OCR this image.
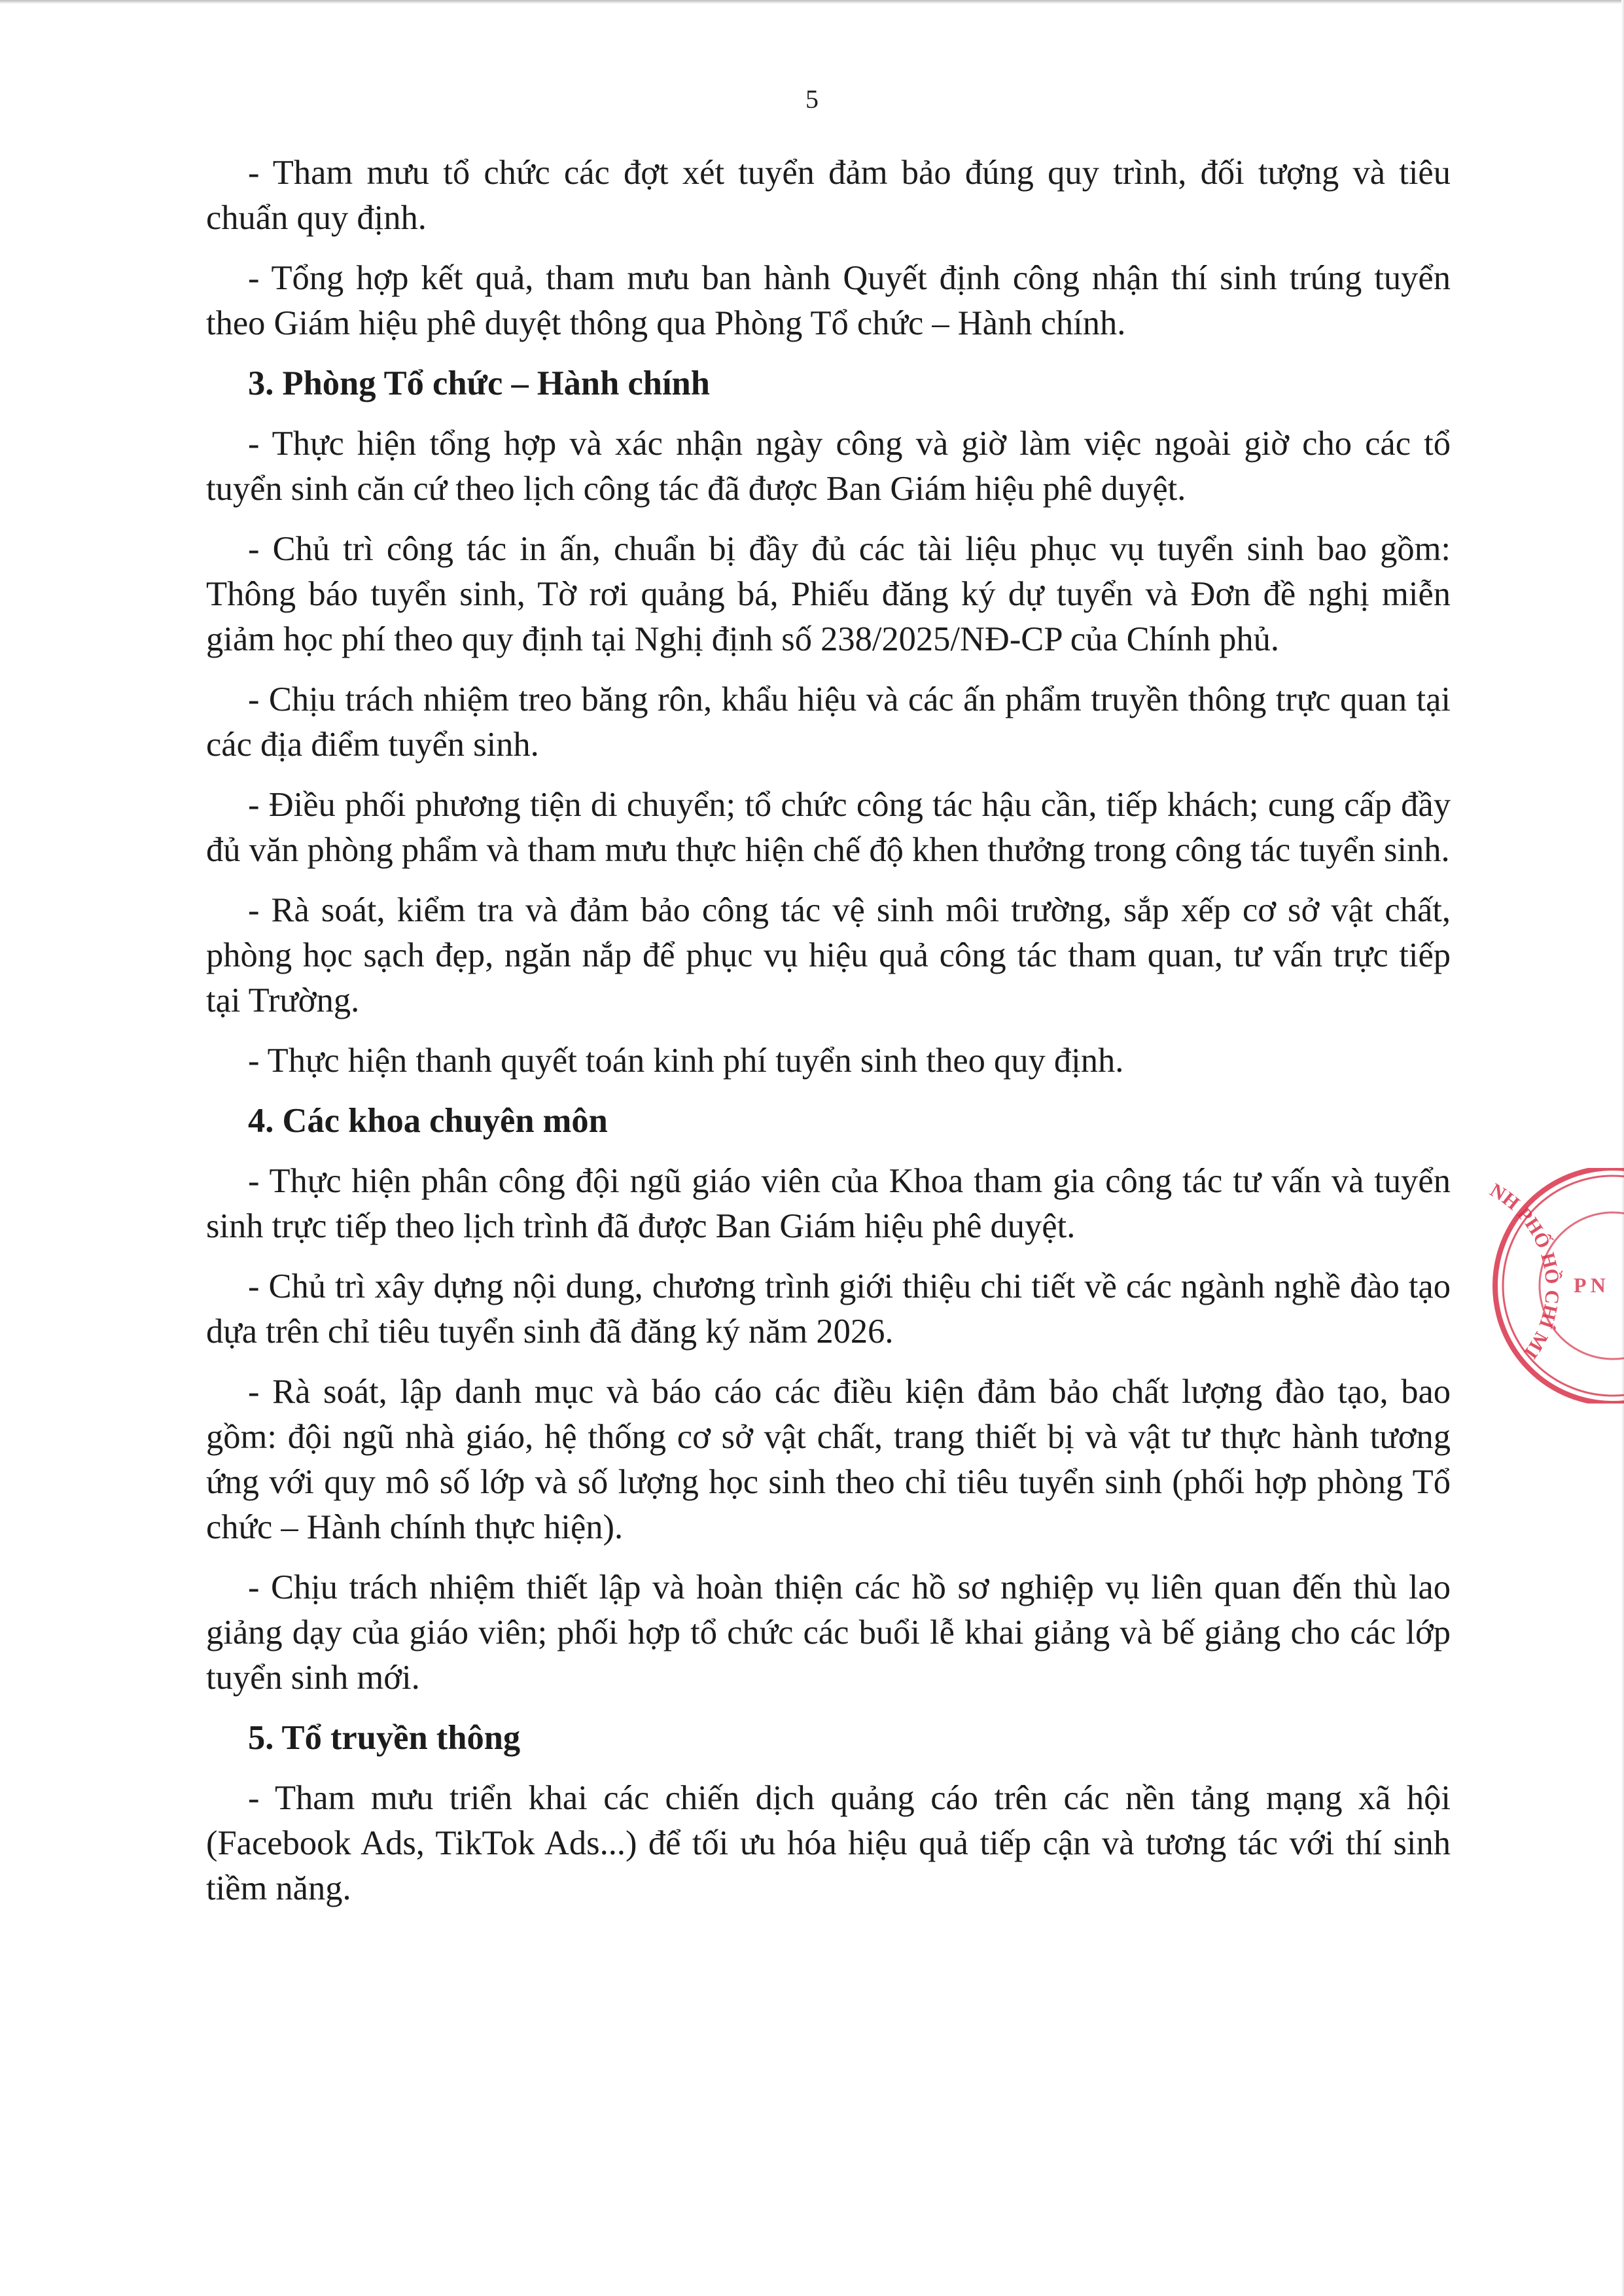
5

- Tham mưu tổ chức các đợt xét tuyển đảm bảo đúng quy trình, đối tượng và tiêu chuẩn quy định.

- Tổng hợp kết quả, tham mưu ban hành Quyết định công nhận thí sinh trúng tuyển theo Giám hiệu phê duyệt thông qua Phòng Tổ chức – Hành chính.

3. Phòng Tổ chức – Hành chính

- Thực hiện tổng hợp và xác nhận ngày công và giờ làm việc ngoài giờ cho các tổ tuyển sinh căn cứ theo lịch công tác đã được Ban Giám hiệu phê duyệt.

- Chủ trì công tác in ấn, chuẩn bị đầy đủ các tài liệu phục vụ tuyển sinh bao gồm: Thông báo tuyển sinh, Tờ rơi quảng bá, Phiếu đăng ký dự tuyển và Đơn đề nghị miễn giảm học phí theo quy định tại Nghị định số 238/2025/NĐ-CP của Chính phủ.

- Chịu trách nhiệm treo băng rôn, khẩu hiệu và các ấn phẩm truyền thông trực quan tại các địa điểm tuyển sinh.

- Điều phối phương tiện di chuyển; tổ chức công tác hậu cần, tiếp khách; cung cấp đầy đủ văn phòng phẩm và tham mưu thực hiện chế độ khen thưởng trong công tác tuyển sinh.

- Rà soát, kiểm tra và đảm bảo công tác vệ sinh môi trường, sắp xếp cơ sở vật chất, phòng học sạch đẹp, ngăn nắp để phục vụ hiệu quả công tác tham quan, tư vấn trực tiếp tại Trường.

- Thực hiện thanh quyết toán kinh phí tuyển sinh theo quy định.

4. Các khoa chuyên môn

- Thực hiện phân công đội ngũ giáo viên của Khoa tham gia công tác tư vấn và tuyển sinh trực tiếp theo lịch trình đã được Ban Giám hiệu phê duyệt.

- Chủ trì xây dựng nội dung, chương trình giới thiệu chi tiết về các ngành nghề đào tạo dựa trên chỉ tiêu tuyển sinh đã đăng ký năm 2026.

- Rà soát, lập danh mục và báo cáo các điều kiện đảm bảo chất lượng đào tạo, bao gồm: đội ngũ nhà giáo, hệ thống cơ sở vật chất, trang thiết bị và vật tư thực hành tương ứng với quy mô số lớp và số lượng học sinh theo chỉ tiêu tuyển sinh (phối hợp phòng Tổ chức – Hành chính thực hiện).

- Chịu trách nhiệm thiết lập và hoàn thiện các hồ sơ nghiệp vụ liên quan đến thù lao giảng dạy của giáo viên; phối hợp tổ chức các buổi lễ khai giảng và bế giảng cho các lớp tuyển sinh mới.

5. Tổ truyền thông

- Tham mưu triển khai các chiến dịch quảng cáo trên các nền tảng mạng xã hội (Facebook Ads, TikTok Ads...) để tối ưu hóa hiệu quả tiếp cận và tương tác với thí sinh tiềm năng.

NH PHỐ HỒ CHÍ MI
P N
